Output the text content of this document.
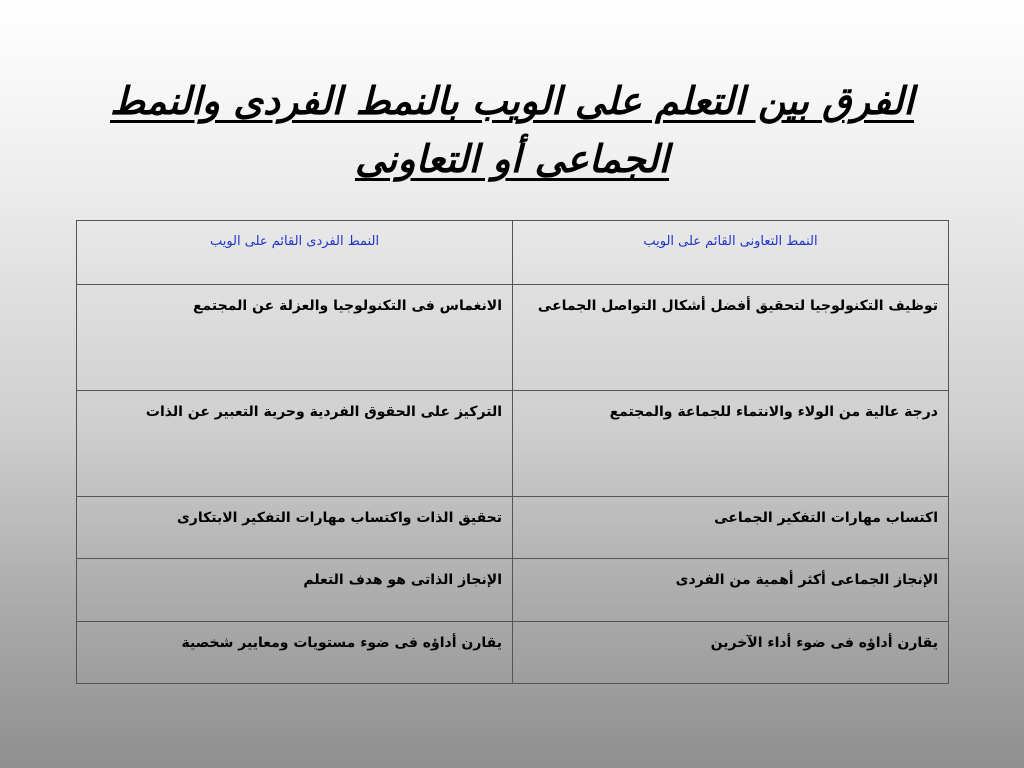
الفرق بين التعلم على الويب بالنمط الفردى والنمط الجماعى أو التعاونى
النمط التعاونى القائم على الويب	النمط الفردى القائم على الويب
توظيف التكنولوجيا لتحقيق أفضل أشكال التواصل الجماعى	الانغماس فى التكنولوجيا والعزلة عن المجتمع
درجة عالية من الولاء والانتماء للجماعة والمجتمع	التركيز على الحقوق الفردية وحرية التعبير عن الذات
اكتساب مهارات التفكير الجماعى	تحقيق الذات واكتساب مهارات التفكير الابتكارى
الإنجاز الجماعى أكثر أهمية من الفردى	الإنجاز الذاتى هو هدف التعلم
يقارن أداؤه فى ضوء أداء الآخرين	يقارن أداؤه فى ضوء مستويات ومعايير شخصية
